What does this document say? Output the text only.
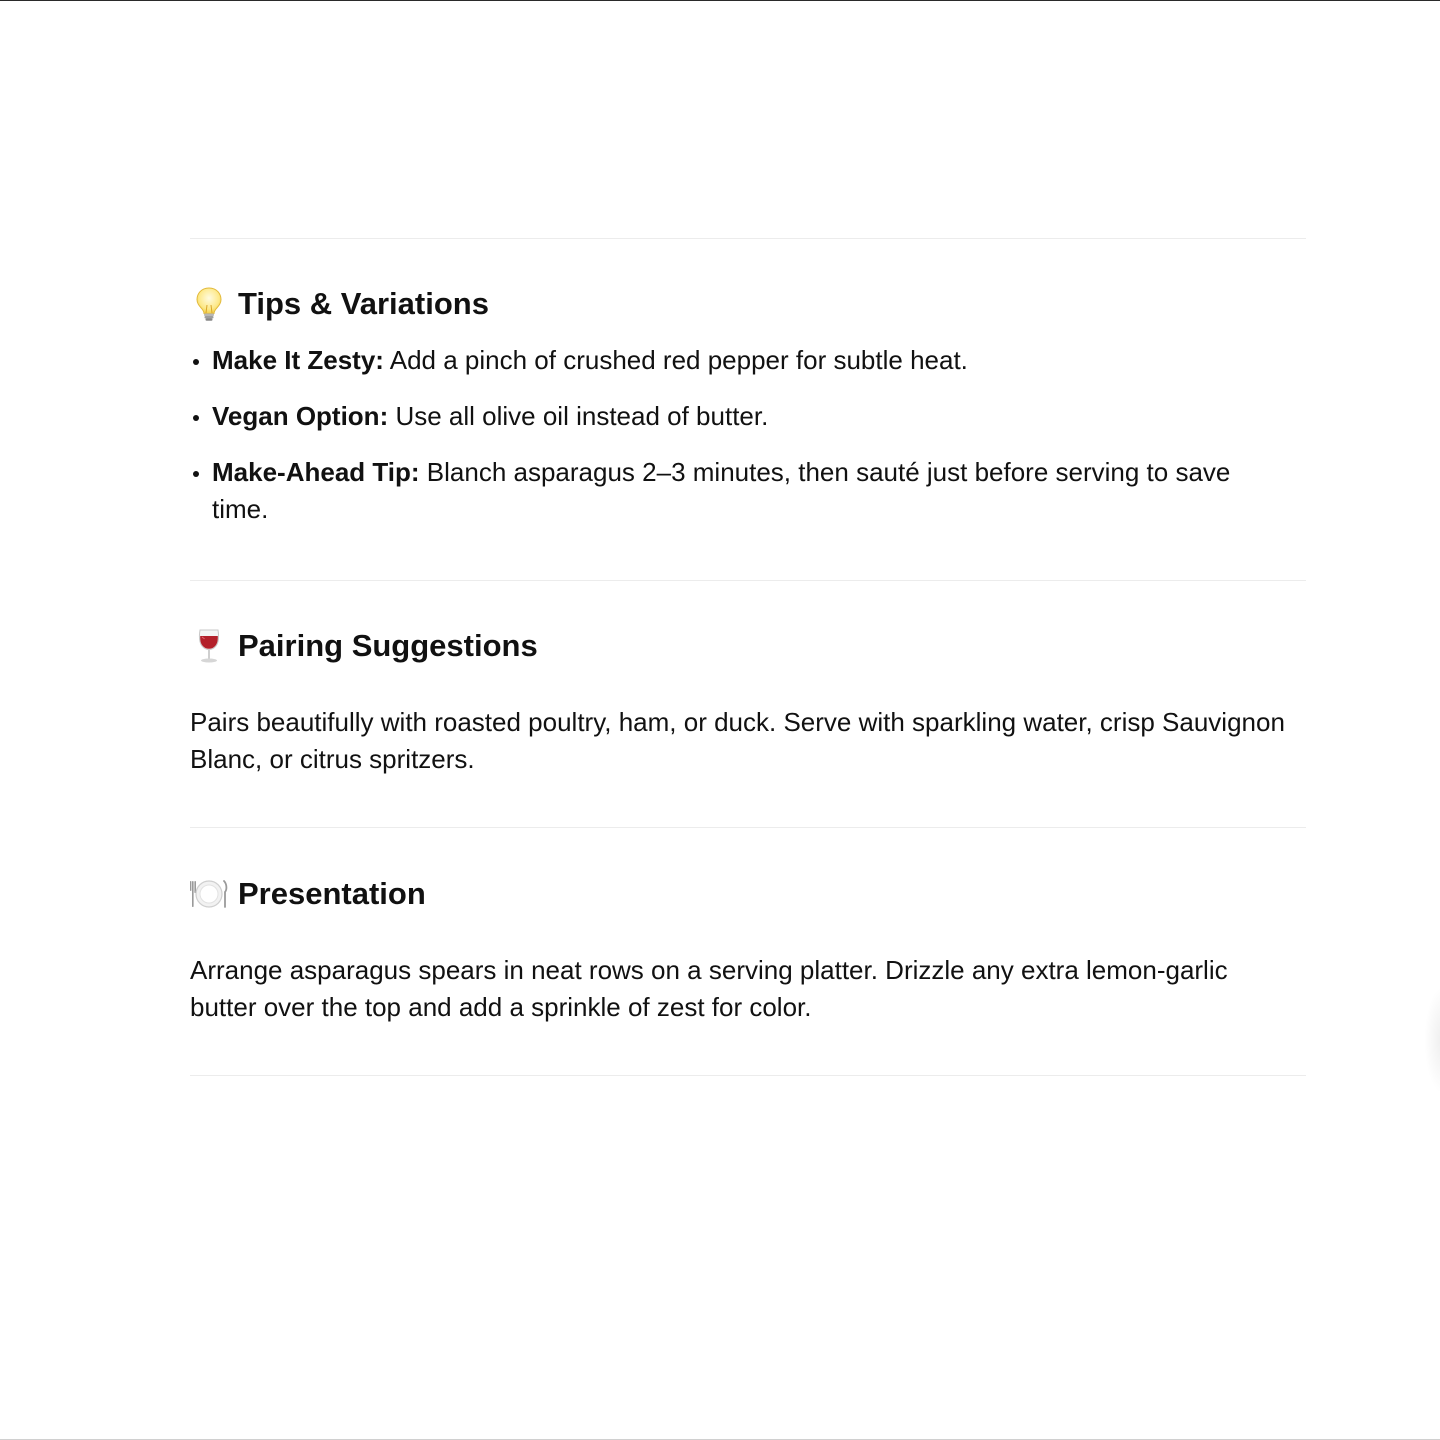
Tips & Variations
Make It Zesty: Add a pinch of crushed red pepper for subtle heat.
Vegan Option: Use all olive oil instead of butter.
Make-Ahead Tip: Blanch asparagus 2–3 minutes, then sauté just before serving to save time.
Pairing Suggestions

Pairs beautifully with roasted poultry, ham, or duck. Serve with sparkling water, crisp Sauvignon Blanc, or citrus spritzers.

Presentation

Arrange asparagus spears in neat rows on a serving platter. Drizzle any extra lemon-garlic butter over the top and add a sprinkle of zest for color.
